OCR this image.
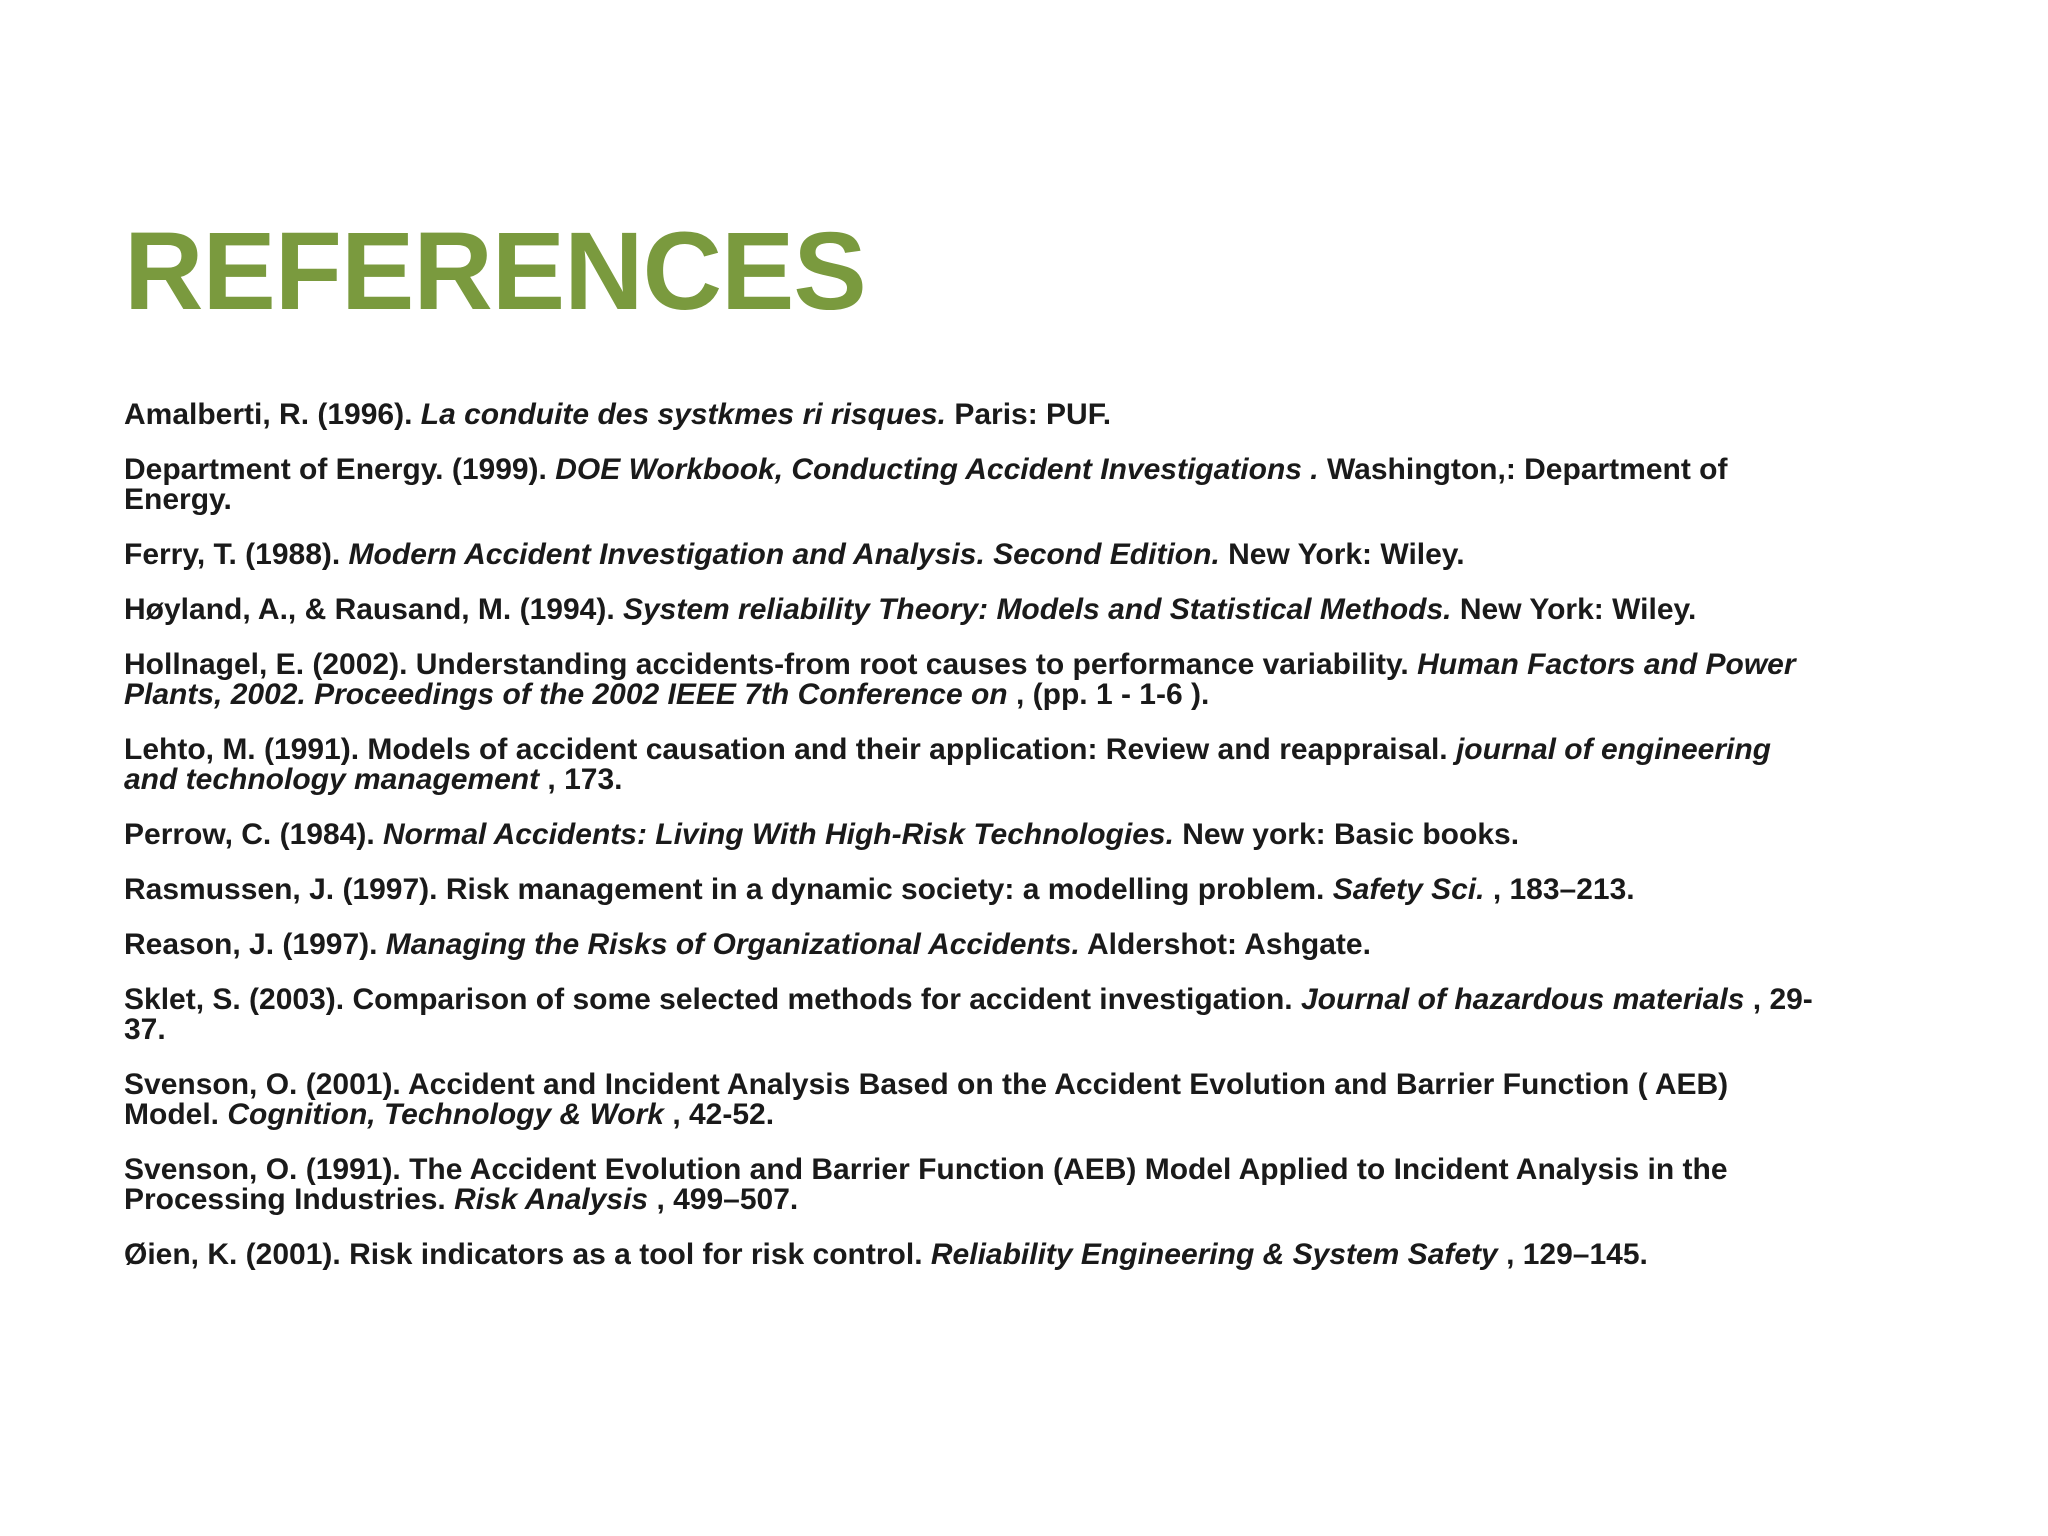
REFERENCES
Amalberti, R. (1996). La conduite des systkmes ri risques. Paris: PUF.
Department of Energy. (1999). DOE Workbook, Conducting Accident Investigations . Washington,: Department of Energy.
Ferry, T. (1988). Modern Accident Investigation and Analysis. Second Edition. New York: Wiley.
Høyland, A., & Rausand, M. (1994). System reliability Theory: Models and Statistical Methods. New York: Wiley.
Hollnagel, E. (2002). Understanding accidents-from root causes to performance variability. Human Factors and Power Plants, 2002. Proceedings of the 2002 IEEE 7th Conference on , (pp. 1 - 1-6 ).
Lehto, M. (1991). Models of accident causation and their application: Review and reappraisal. journal of engineering and technology management , 173.
Perrow, C. (1984). Normal Accidents: Living With High-Risk Technologies. New york: Basic books.
Rasmussen, J. (1997). Risk management in a dynamic society: a modelling problem. Safety Sci. , 183–213.
Reason, J. (1997). Managing the Risks of Organizational Accidents. Aldershot: Ashgate.
Sklet, S. (2003). Comparison of some selected methods for accident investigation. Journal of hazardous materials , 29-37.
Svenson, O. (2001). Accident and Incident Analysis Based on the Accident Evolution and Barrier Function ( AEB) Model. Cognition, Technology & Work , 42-52.
Svenson, O. (1991). The Accident Evolution and Barrier Function (AEB) Model Applied to Incident Analysis in the Processing Industries. Risk Analysis , 499–507.
Øien, K. (2001). Risk indicators as a tool for risk control. Reliability Engineering & System Safety , 129–145.
